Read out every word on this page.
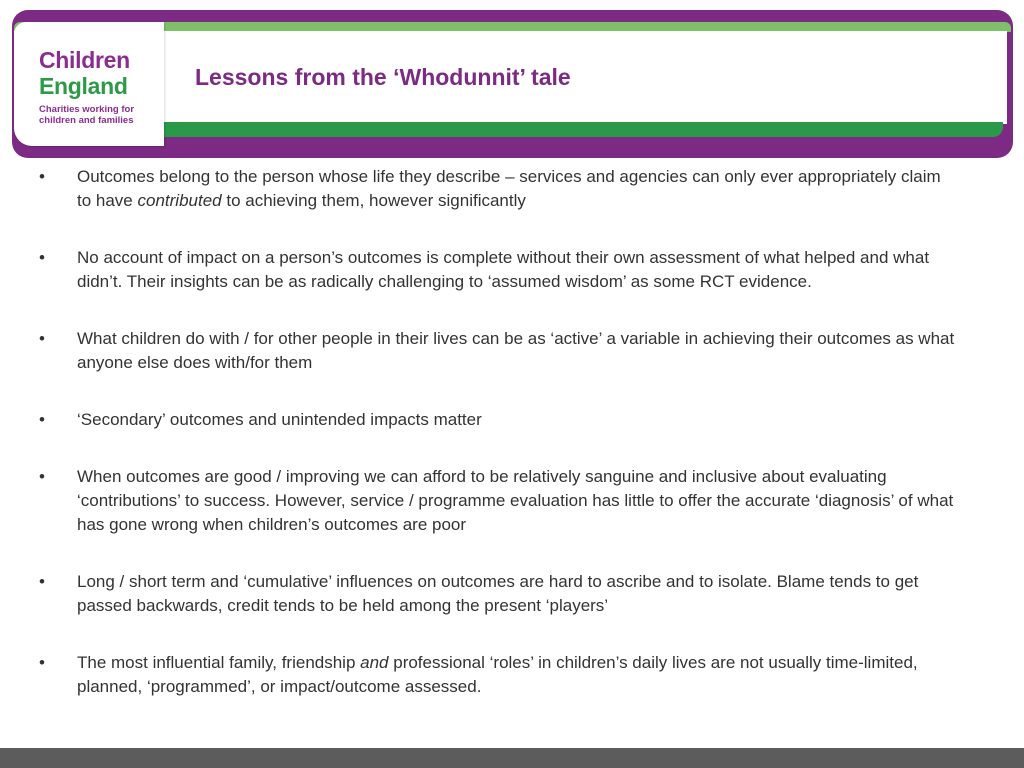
Children
England
Charities working for children and families
Lessons from the ‘Whodunnit’ tale
• Outcomes belong to the person whose life they describe – services and agencies can only ever appropriately claim to have contributed to achieving them, however significantly
• No account of impact on a person’s outcomes is complete without their own assessment of what helped and what didn’t. Their insights can be as radically challenging to ‘assumed wisdom’ as some RCT evidence.
• What children do with / for other people in their lives can be as ‘active’ a variable in achieving their outcomes as what anyone else does with/for them
• ‘Secondary’ outcomes and unintended impacts matter
• When outcomes are good / improving we can afford to be relatively sanguine and inclusive about evaluating ‘contributions’ to success. However, service / programme evaluation has little to offer the accurate ‘diagnosis’ of what has gone wrong when children’s outcomes are poor
• Long / short term and ‘cumulative’ influences on outcomes are hard to ascribe and to isolate. Blame tends to get passed backwards, credit tends to be held among the present ‘players’
• The most influential family, friendship and professional ‘roles’ in children’s daily lives are not usually time-limited, planned, ‘programmed’, or impact/outcome assessed.
